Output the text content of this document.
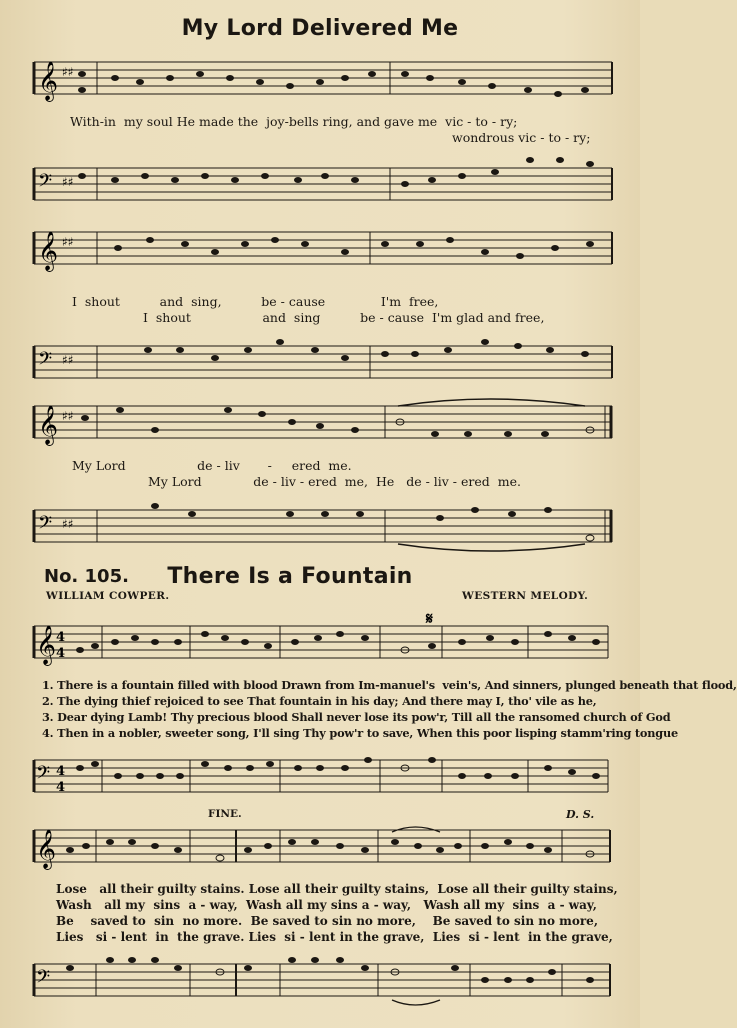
My Lord Delivered Me
𝄞 ♯♯
With-in  my soul He made the  joy-bells ring, and gave me  vic - to - ry;
wondrous vic - to - ry;
𝄢 ♯♯
𝄞 ♯♯
I  shout          and  sing,          be - cause              I'm  free,
I  shout                  and  sing          be - cause  I'm glad and free,
𝄢 ♯♯
𝄞 ♯♯
My Lord                  de - liv       -     ered  me.
My Lord             de - liv - ered  me,  He   de - liv - ered  me.
𝄢 ♯♯
No. 105.	There Is a Fountain
WILLIAM COWPER.	WESTERN MELODY.
𝄞 4
4
𝄋
1. There is a fountain filled with blood Drawn from Im-manuel's  vein's, And sinners, plunged beneath that flood,
2. The dying thief rejoiced to see That fountain in his day; And there may I, tho' vile as he,
3. Dear dying Lamb! Thy precious blood Shall never lose its pow'r, Till all the ransomed church of God
4. Then in a nobler, sweeter song, I'll sing Thy pow'r to save, When this poor lisping stamm'ring tongue
𝄢 4
4
FINE.	D. S.
𝄞
Lose   all their guilty stains. Lose all their guilty stains,  Lose all their guilty stains,
Wash   all my  sins  a - way,  Wash all my sins a - way,   Wash all my  sins  a - way,
Be    saved to  sin  no more.  Be saved to sin no more,    Be saved to sin no more,
Lies   si - lent  in  the grave. Lies  si - lent in the grave,  Lies  si - lent  in the grave,
𝄢
